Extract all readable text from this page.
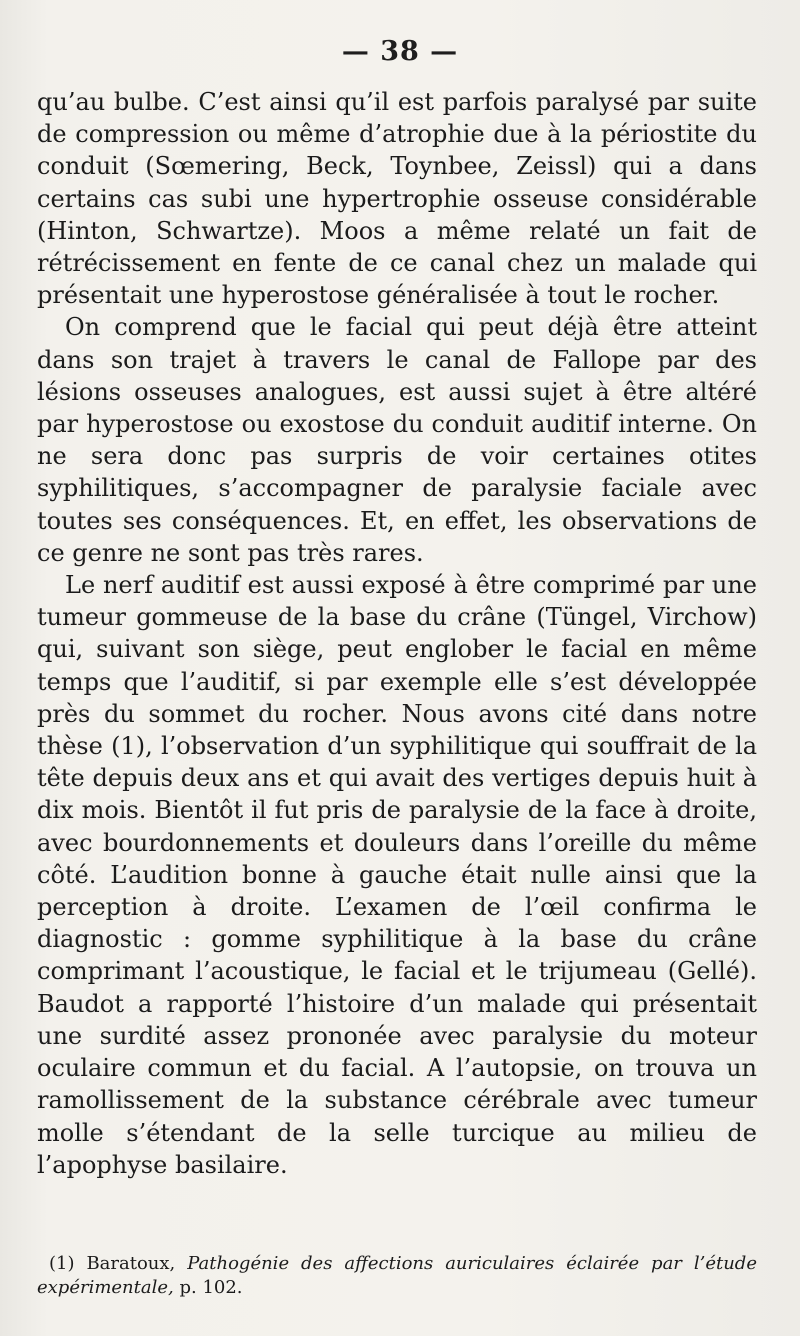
— 38 —

qu’au bulbe. C’est ainsi qu’il est parfois paralysé par suite de compression ou même d’atrophie due à la périostite du conduit (Sœmering, Beck, Toynbee, Zeissl) qui a dans certains cas subi une hypertrophie osseuse considérable (Hinton, Schwartze). Moos a même relaté un fait de rétrécissement en fente de ce canal chez un malade qui présentait une hyperostose généralisée à tout le rocher.

On comprend que le facial qui peut déjà être atteint dans son trajet à travers le canal de Fallope par des lésions osseuses analogues, est aussi sujet à être altéré par hyperostose ou exostose du conduit auditif interne. On ne sera donc pas surpris de voir certaines otites syphilitiques, s’accompagner de paralysie faciale avec toutes ses conséquences. Et, en effet, les observations de ce genre ne sont pas très rares.

Le nerf auditif est aussi exposé à être comprimé par une tumeur gommeuse de la base du crâne (Tüngel, Virchow) qui, suivant son siège, peut englober le facial en même temps que l’auditif, si par exemple elle s’est développée près du sommet du rocher. Nous avons cité dans notre thèse (1), l’observation d’un syphilitique qui souffrait de la tête depuis deux ans et qui avait des vertiges depuis huit à dix mois. Bientôt il fut pris de paralysie de la face à droite, avec bourdonnements et douleurs dans l’oreille du même côté. L’audition bonne à gauche était nulle ainsi que la perception à droite. L’examen de l’œil confirma le diagnostic : gomme syphilitique à la base du crâne comprimant l’acoustique, le facial et le trijumeau (Gellé). Baudot a rapporté l’histoire d’un malade qui présentait une surdité assez prononée avec paralysie du moteur oculaire commun et du facial. A l’autopsie, on trouva un ramollissement de la substance cérébrale avec tumeur molle s’étendant de la selle turcique au milieu de l’apophyse basilaire.

(1) Baratoux, Pathogénie des affections auriculaires éclairée par l’étude expérimentale, p. 102.
